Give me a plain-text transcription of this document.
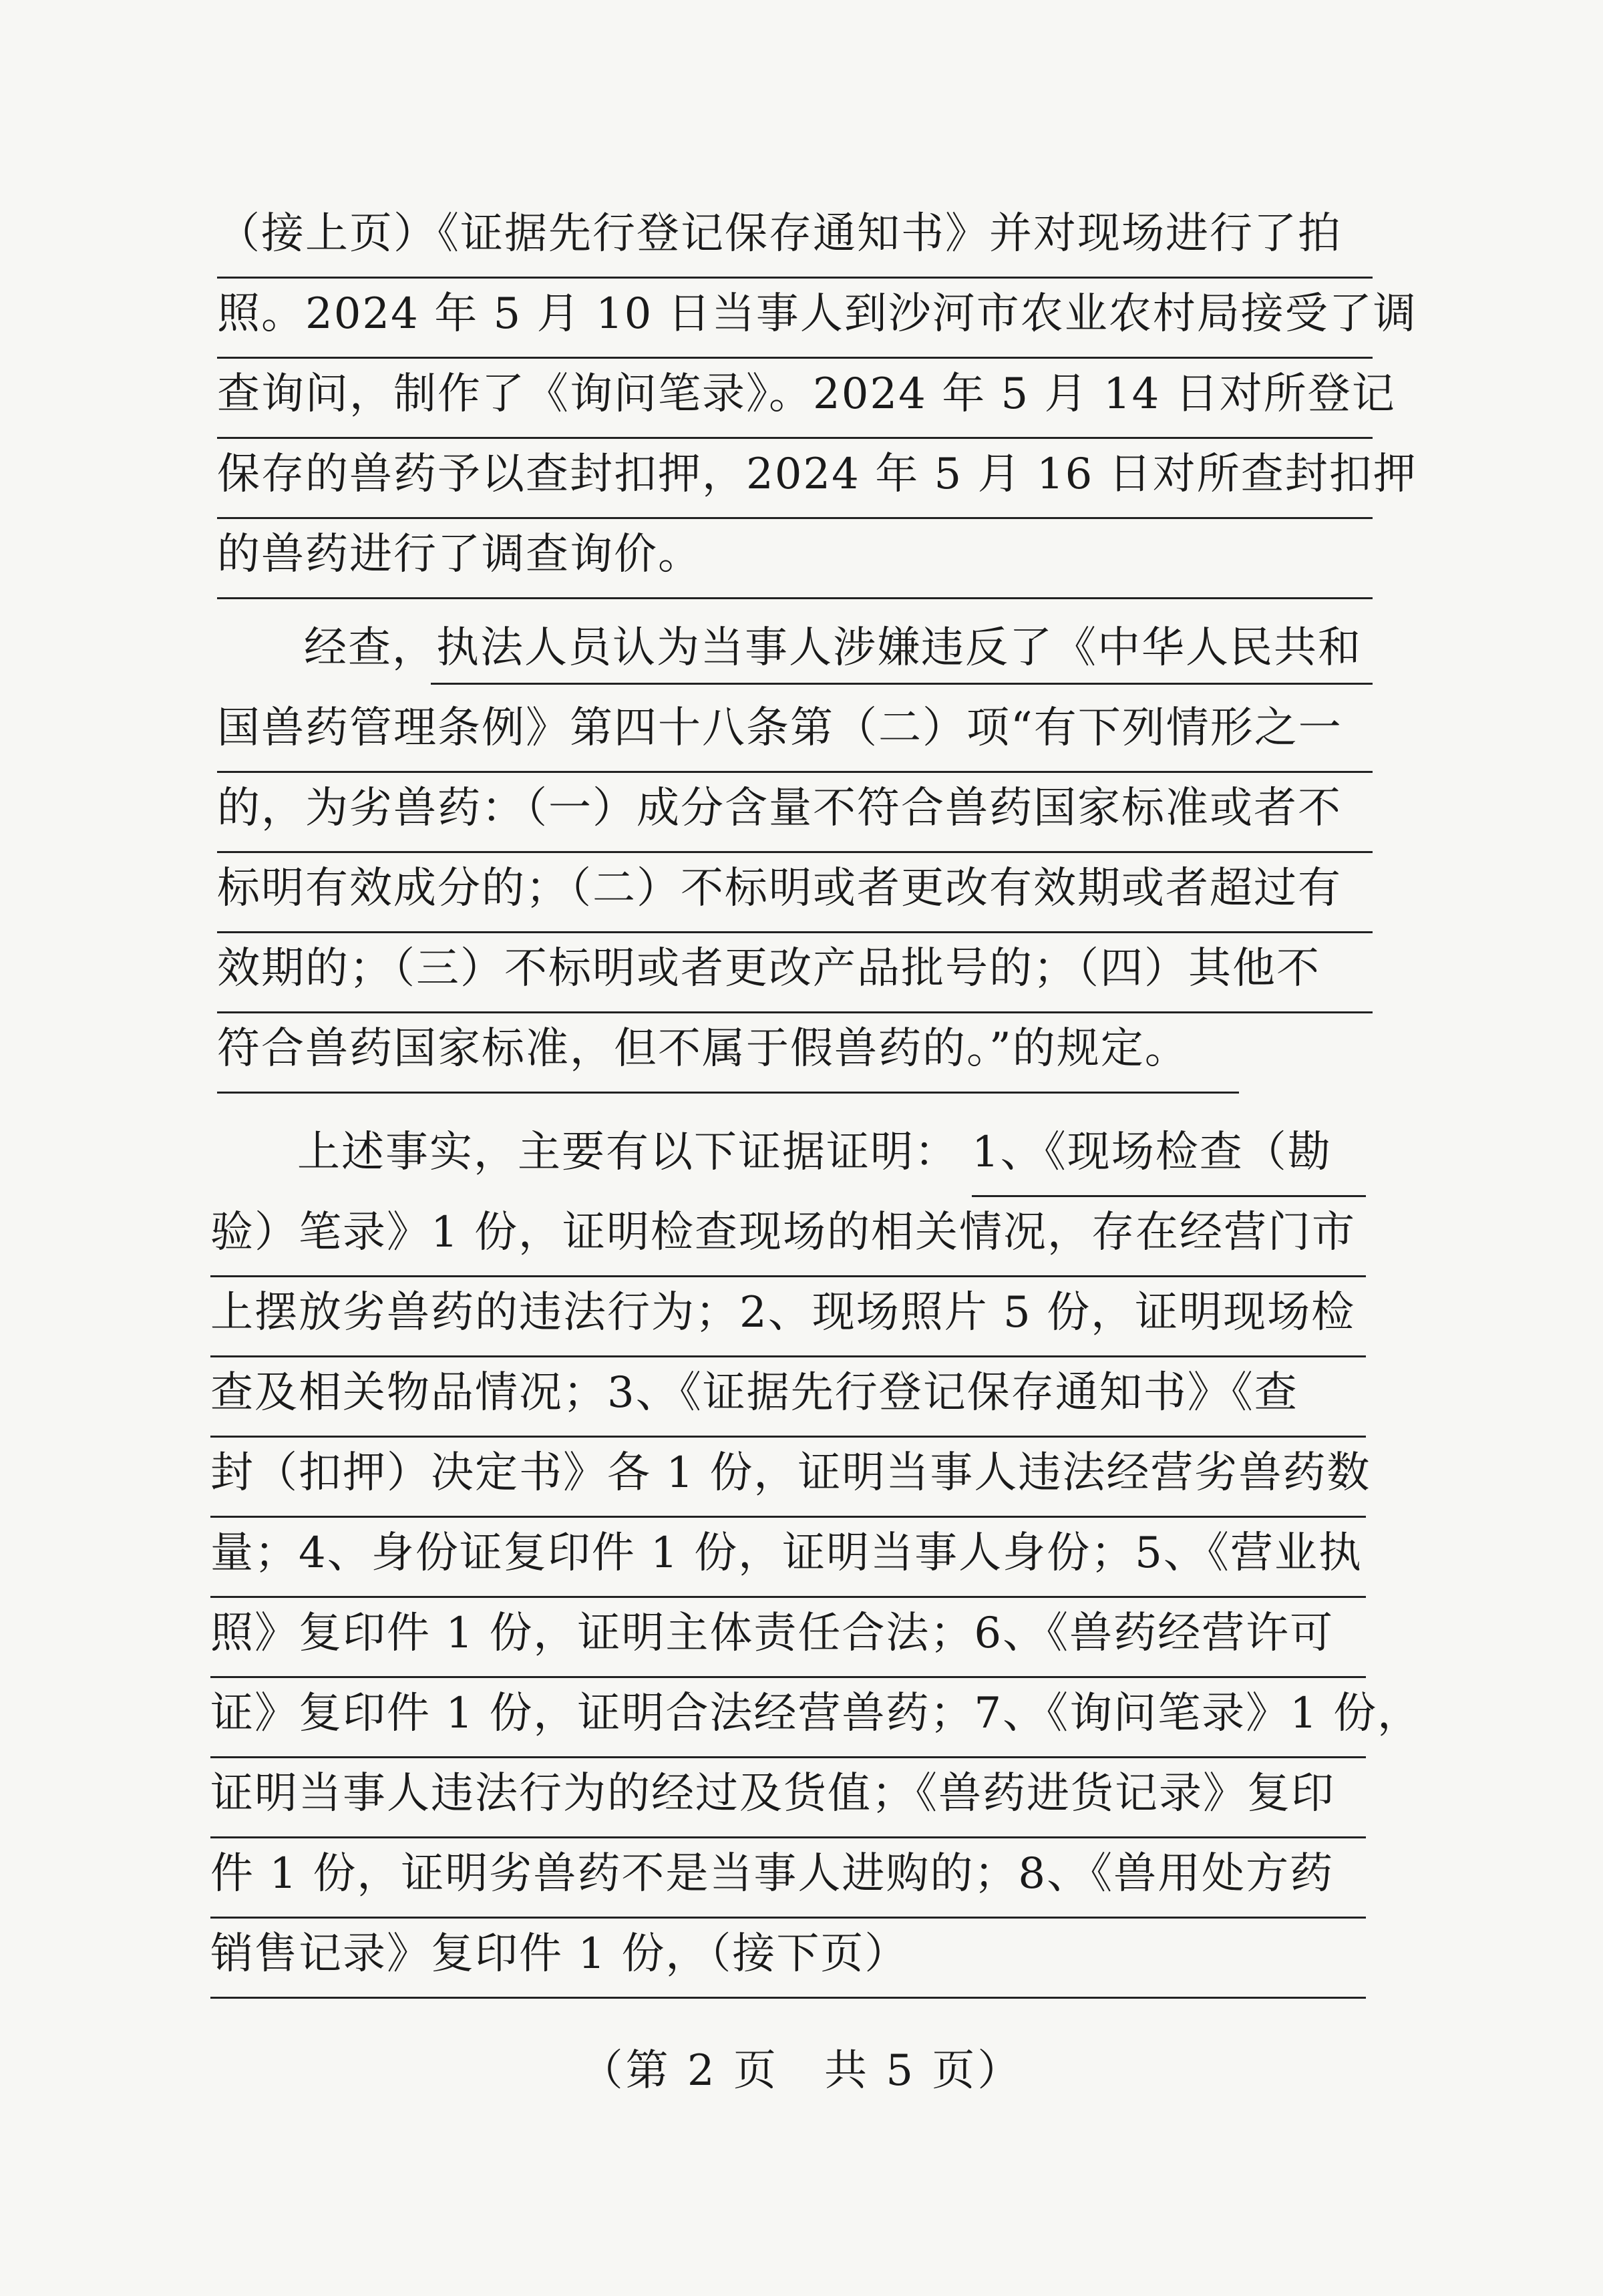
（接上页）《证据先行登记保存通知书》并对现场进行了拍
照。2024 年 5 月 10 日当事人到沙河市农业农村局接受了调
查询问，制作了《询问笔录》。2024 年 5 月 14 日对所登记
保存的兽药予以查封扣押，2024 年 5 月 16 日对所查封扣押
的兽药进行了调查询价。
经查，执法人员认为当事人涉嫌违反了《中华人民共和
国兽药管理条例》第四十八条第（二）项“有下列情形之一
的，为劣兽药：（一）成分含量不符合兽药国家标准或者不
标明有效成分的；（二）不标明或者更改有效期或者超过有
效期的；（三）不标明或者更改产品批号的；（四）其他不
符合兽药国家标准，但不属于假兽药的。”的规定。
上述事实，主要有以下证据证明： 1、《现场检查（勘
验）笔录》1 份，证明检查现场的相关情况，存在经营门市
上摆放劣兽药的违法行为；2、现场照片 5 份，证明现场检
查及相关物品情况；3、《证据先行登记保存通知书》《查
封（扣押）决定书》各 1 份，证明当事人违法经营劣兽药数
量；4、身份证复印件 1 份，证明当事人身份；5、《营业执
照》复印件 1 份，证明主体责任合法；6、《兽药经营许可
证》复印件 1 份，证明合法经营兽药；7、《询问笔录》1 份，
证明当事人违法行为的经过及货值；《兽药进货记录》复印
件 1 份，证明劣兽药不是当事人进购的；8、《兽用处方药
销售记录》复印件 1 份，（接下页）
（第 2 页　共 5 页）
